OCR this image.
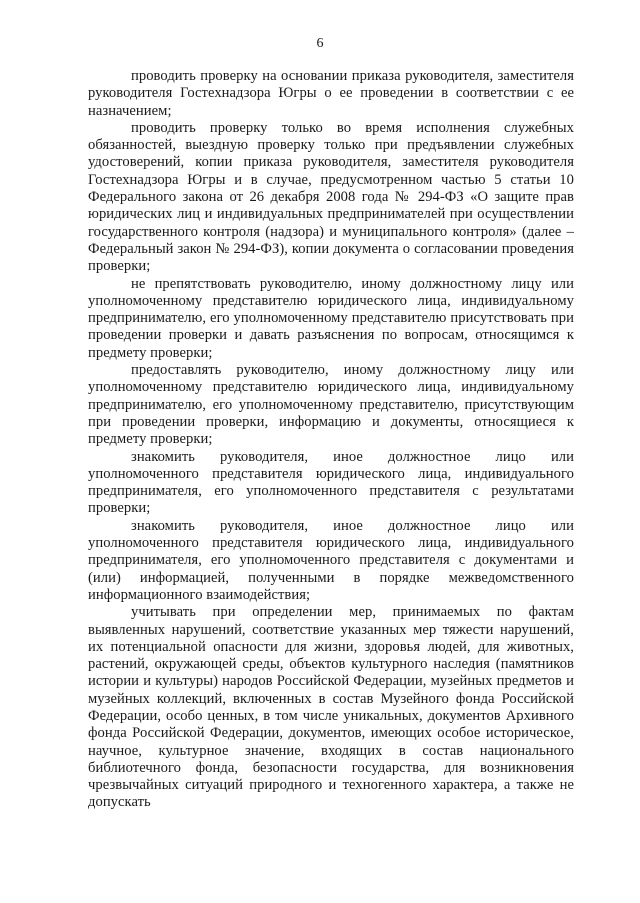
6

проводить проверку на основании приказа руководителя, заместителя руководителя Гостехнадзора Югры о ее проведении в соответствии с ее назначением;

проводить проверку только во время исполнения служебных обязанностей, выездную проверку только при предъявлении служебных удостоверений, копии приказа руководителя, заместителя руководителя Гостехнадзора Югры и в случае, предусмотренном частью 5 статьи 10 Федерального закона от 26 декабря 2008 года № 294-ФЗ «О защите прав юридических лиц и индивидуальных предпринимателей при осуществлении государственного контроля (надзора) и муниципального контроля» (далее – Федеральный закон № 294-ФЗ), копии документа о согласовании проведения проверки;

не препятствовать руководителю, иному должностному лицу или уполномоченному представителю юридического лица, индивидуальному предпринимателю, его уполномоченному представителю присутствовать при проведении проверки и давать разъяснения по вопросам, относящимся к предмету проверки;

предоставлять руководителю, иному должностному лицу или уполномоченному представителю юридического лица, индивидуальному предпринимателю, его уполномоченному представителю, присутствующим при проведении проверки, информацию и документы, относящиеся к предмету проверки;

знакомить руководителя, иное должностное лицо или уполномоченного представителя юридического лица, индивидуального предпринимателя, его уполномоченного представителя с результатами проверки;

знакомить руководителя, иное должностное лицо или уполномоченного представителя юридического лица, индивидуального предпринимателя, его уполномоченного представителя с документами и (или) информацией, полученными в порядке межведомственного информационного взаимодействия;

учитывать при определении мер, принимаемых по фактам выявленных нарушений, соответствие указанных мер тяжести нарушений, их потенциальной опасности для жизни, здоровья людей, для животных, растений, окружающей среды, объектов культурного наследия (памятников истории и культуры) народов Российской Федерации, музейных предметов и музейных коллекций, включенных в состав Музейного фонда Российской Федерации, особо ценных, в том числе уникальных, документов Архивного фонда Российской Федерации, документов, имеющих особое историческое, научное, культурное значение, входящих в состав национального библиотечного фонда, безопасности государства, для возникновения чрезвычайных ситуаций природного и техногенного характера, а также не допускать
